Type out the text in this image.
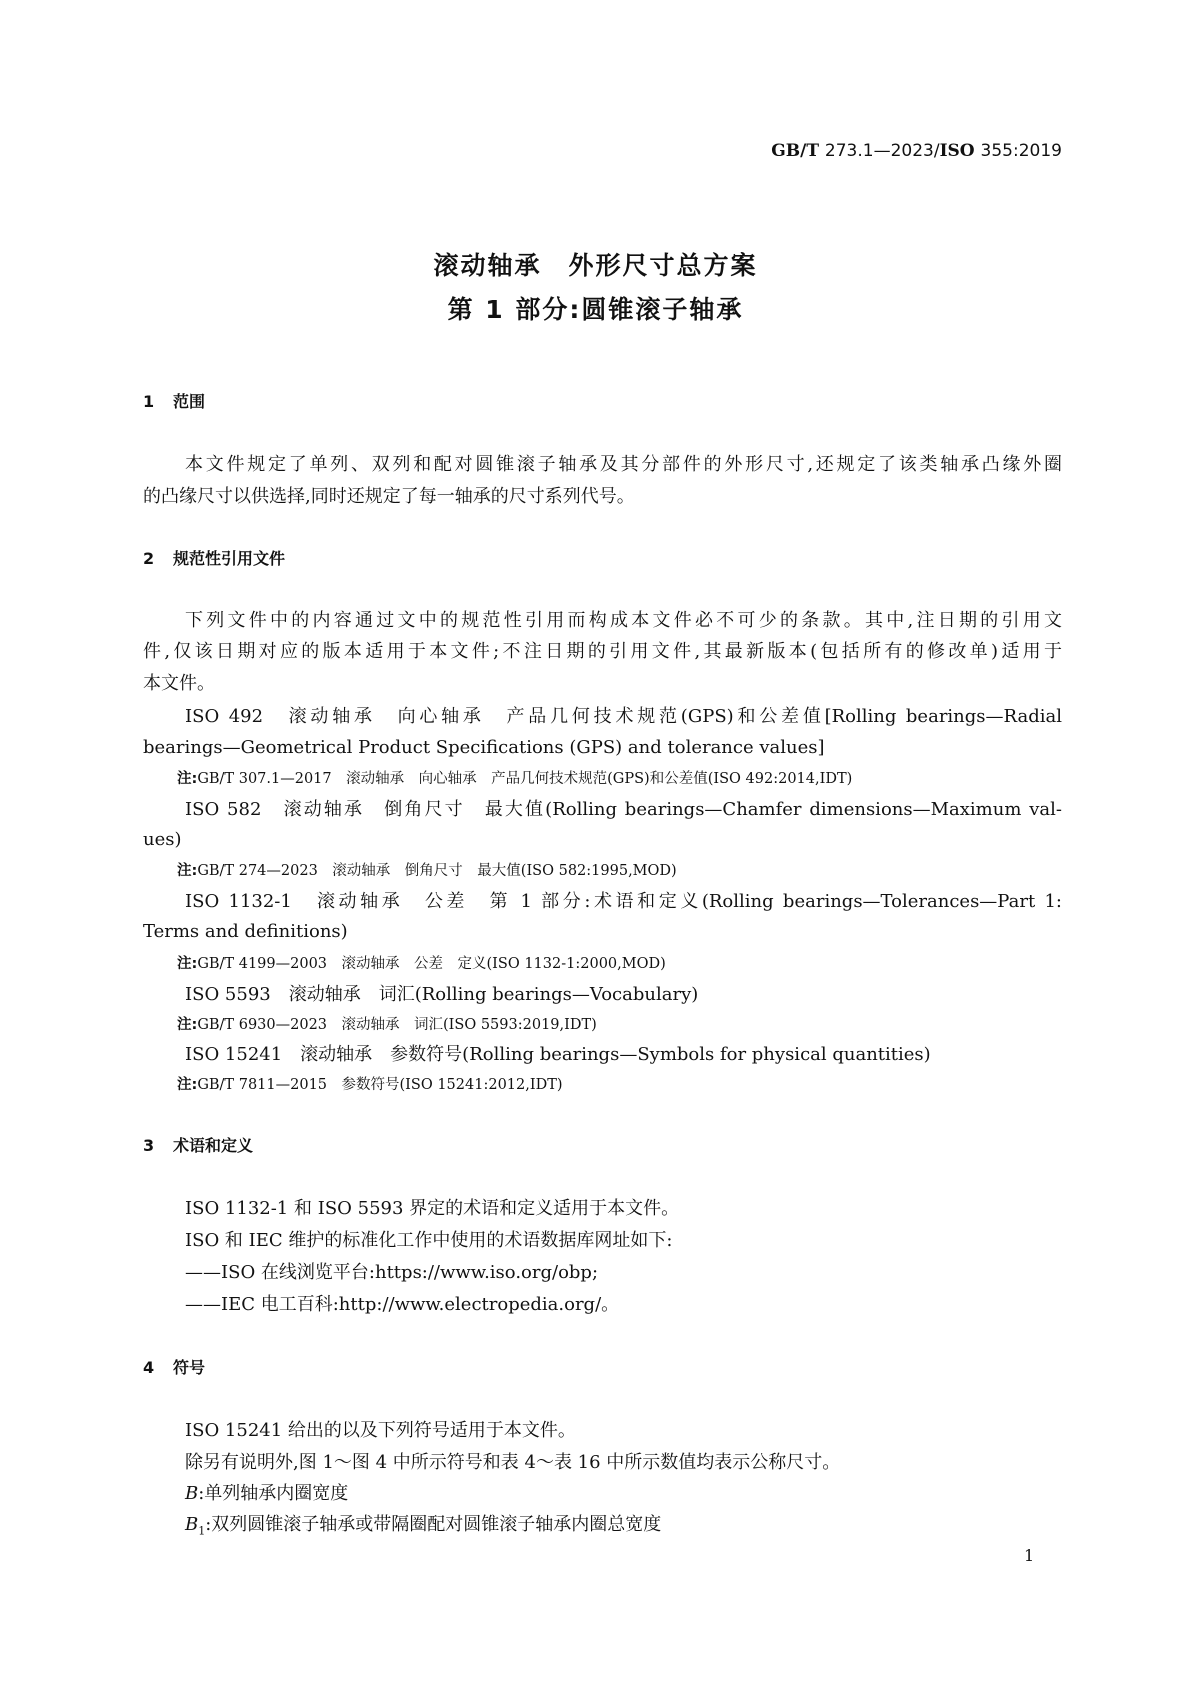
GB/T 273.1—2023/ISO 355:2019
滚动轴承　外形尺寸总方案
第 1 部分:圆锥滚子轴承
1 范围
本文件规定了单列、双列和配对圆锥滚子轴承及其分部件的外形尺寸,还规定了该类轴承凸缘外圈
的凸缘尺寸以供选择,同时还规定了每一轴承的尺寸系列代号。
2 规范性引用文件
下列文件中的内容通过文中的规范性引用而构成本文件必不可少的条款。其中,注日期的引用文
件,仅该日期对应的版本适用于本文件;不注日期的引用文件,其最新版本(包括所有的修改单)适用于
本文件。
ISO 492　滚动轴承　向心轴承　产品几何技术规范(GPS)和公差值[Rolling bearings—Radial
bearings—Geometrical Product Specifications (GPS) and tolerance values]
注:GB/T 307.1—2017　滚动轴承　向心轴承　产品几何技术规范(GPS)和公差值(ISO 492:2014,IDT)
ISO 582　滚动轴承　倒角尺寸　最大值(Rolling bearings—Chamfer dimensions—Maximum val-
ues)
注:GB/T 274—2023　滚动轴承　倒角尺寸　最大值(ISO 582:1995,MOD)
ISO 1132-1　滚动轴承　公差　第 1 部分:术语和定义(Rolling bearings—Tolerances—Part 1:
Terms and definitions)
注:GB/T 4199—2003　滚动轴承　公差　定义(ISO 1132-1:2000,MOD)
ISO 5593　滚动轴承　词汇(Rolling bearings—Vocabulary)
注:GB/T 6930—2023　滚动轴承　词汇(ISO 5593:2019,IDT)
ISO 15241　滚动轴承　参数符号(Rolling bearings—Symbols for physical quantities)
注:GB/T 7811—2015　参数符号(ISO 15241:2012,IDT)
3 术语和定义
ISO 1132-1 和 ISO 5593 界定的术语和定义适用于本文件。
ISO 和 IEC 维护的标准化工作中使用的术语数据库网址如下:
——ISO 在线浏览平台:https://www.iso.org/obp;
——IEC 电工百科:http://www.electropedia.org/。
4 符号
ISO 15241 给出的以及下列符号适用于本文件。
除另有说明外,图 1～图 4 中所示符号和表 4～表 16 中所示数值均表示公称尺寸。
B:单列轴承内圈宽度
$B_1$:双列圆锥滚子轴承或带隔圈配对圆锥滚子轴承内圈总宽度
1
